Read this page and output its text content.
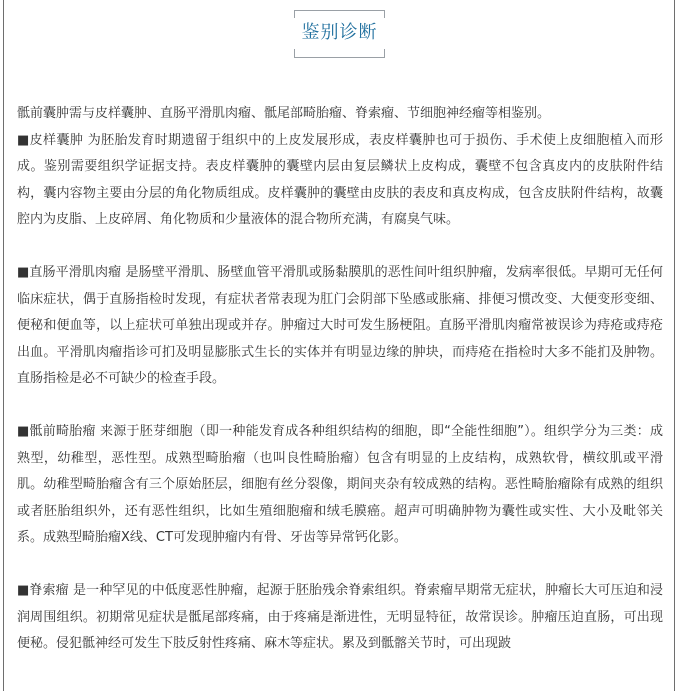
鉴别诊断

骶前囊肿需与皮样囊肿、直肠平滑肌肉瘤、骶尾部畸胎瘤、脊索瘤、节细胞神经瘤等相鉴别。

■皮样囊肿 为胚胎发育时期遗留于组织中的上皮发展形成，表皮样囊肿也可于损伤、手术使上皮细胞植入而形成。鉴别需要组织学证据支持。表皮样囊肿的囊壁内层由复层鳞状上皮构成，囊壁不包含真皮内的皮肤附件结构，囊内容物主要由分层的角化物质组成。皮样囊肿的囊壁由皮肤的表皮和真皮构成，包含皮肤附件结构，故囊腔内为皮脂、上皮碎屑、角化物质和少量液体的混合物所充满，有腐臭气味。

■直肠平滑肌肉瘤 是肠壁平滑肌、肠壁血管平滑肌或肠黏膜肌的恶性间叶组织肿瘤，发病率很低。早期可无任何临床症状，偶于直肠指检时发现，有症状者常表现为肛门会阴部下坠感或胀痛、排便习惯改变、大便变形变细、便秘和便血等，以上症状可单独出现或并存。肿瘤过大时可发生肠梗阻。直肠平滑肌肉瘤常被误诊为痔疮或痔疮出血。平滑肌肉瘤指诊可扪及明显膨胀式生长的实体并有明显边缘的肿块，而痔疮在指检时大多不能扪及肿物。直肠指检是必不可缺少的检查手段。

■骶前畸胎瘤 来源于胚芽细胞（即一种能发育成各种组织结构的细胞，即“全能性细胞”）。组织学分为三类：成熟型，幼稚型，恶性型。成熟型畸胎瘤（也叫良性畸胎瘤）包含有明显的上皮结构，成熟软骨，横纹肌或平滑肌。幼稚型畸胎瘤含有三个原始胚层，细胞有丝分裂像，期间夹杂有较成熟的结构。恶性畸胎瘤除有成熟的组织或者胚胎组织外，还有恶性组织，比如生殖细胞瘤和绒毛膜癌。超声可明确肿物为囊性或实性、大小及毗邻关系。成熟型畸胎瘤X线、CT可发现肿瘤内有骨、牙齿等异常钙化影。

■脊索瘤 是一种罕见的中低度恶性肿瘤，起源于胚胎残余脊索组织。脊索瘤早期常无症状，肿瘤长大可压迫和浸润周围组织。初期常见症状是骶尾部疼痛，由于疼痛是渐进性，无明显特征，故常误诊。肿瘤压迫直肠，可出现便秘。侵犯骶神经可发生下肢反射性疼痛、麻木等症状。累及到骶髂关节时，可出现跛
